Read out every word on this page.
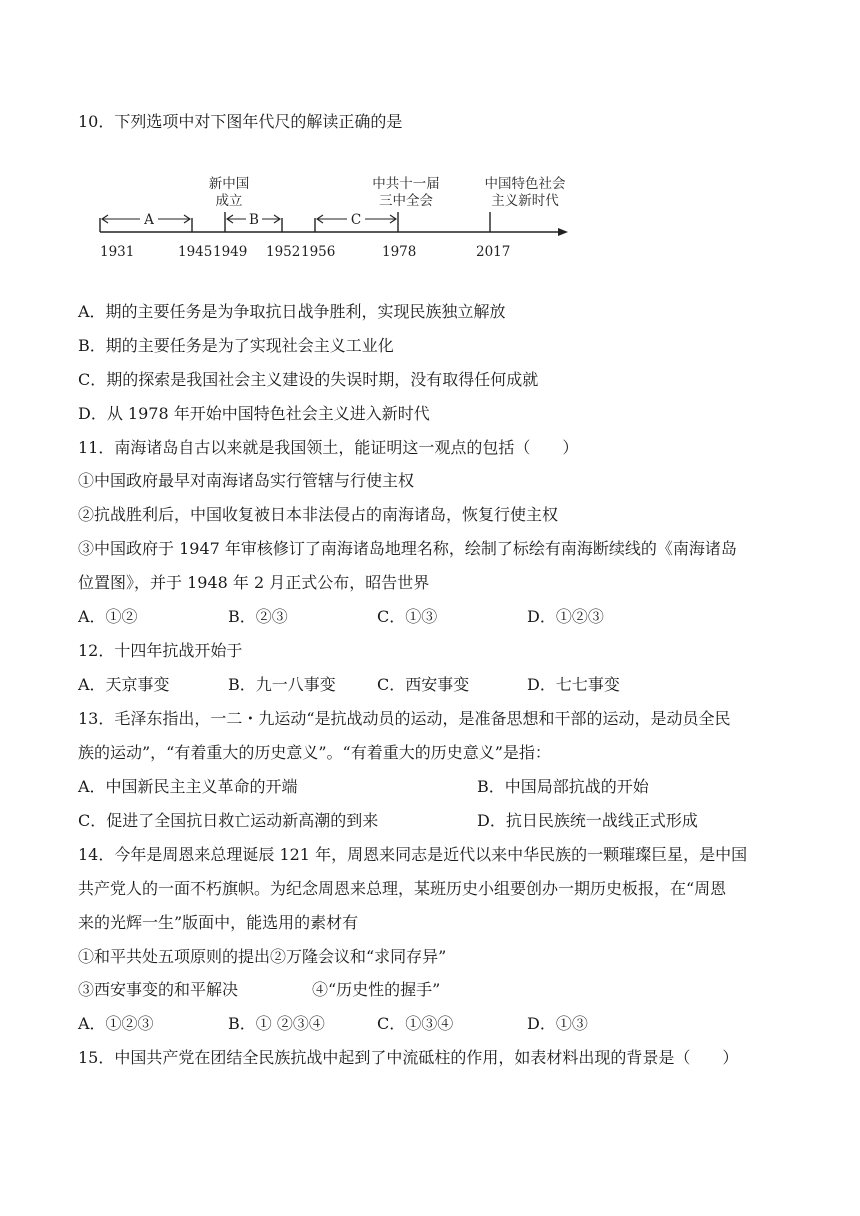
10．下列选项中对下图年代尺的解读正确的是
A	B	C
新中国
成立
中共十一届
三中全会
中国特色社会
主义新时代
1931	1945 1949 1952 1956	1978	2017
A．期的主要任务是为争取抗日战争胜利，实现民族独立解放
B．期的主要任务是为了实现社会主义工业化
C．期的探索是我国社会主义建设的失误时期，没有取得任何成就
D．从 1978 年开始中国特色社会主义进入新时代
11．南海诸岛自古以来就是我国领土，能证明这一观点的包括（　　）
①中国政府最早对南海诸岛实行管辖与行使主权
②抗战胜利后，中国收复被日本非法侵占的南海诸岛，恢复行使主权
③中国政府于 1947 年审核修订了南海诸岛地理名称，绘制了标绘有南海断续线的《南海诸岛
位置图》，并于 1948 年 2 月正式公布，昭告世界
A．①②	B．②③	C．①③	D．①②③
12．十四年抗战开始于
A．天京事变	B．九一八事变	C．西安事变	D．七七事变
13．毛泽东指出，一二・九运动“是抗战动员的运动，是准备思想和干部的运动，是动员全民
族的运动”，“有着重大的历史意义”。“有着重大的历史意义”是指：
A．中国新民主主义革命的开端	B．中国局部抗战的开始
C．促进了全国抗日救亡运动新高潮的到来	D．抗日民族统一战线正式形成
14．今年是周恩来总理诞辰 121 年，周恩来同志是近代以来中华民族的一颗璀璨巨星，是中国
共产党人的一面不朽旗帜。为纪念周恩来总理，某班历史小组要创办一期历史板报，在“周恩
来的光辉一生”版面中，能选用的素材有
①和平共处五项原则的提出②万隆会议和“求同存异”
③西安事变的和平解决	④“历史性的握手”
A．①②③	B．① ②③④	C．①③④	D．①③
15．中国共产党在团结全民族抗战中起到了中流砥柱的作用，如表材料出现的背景是（　　）
